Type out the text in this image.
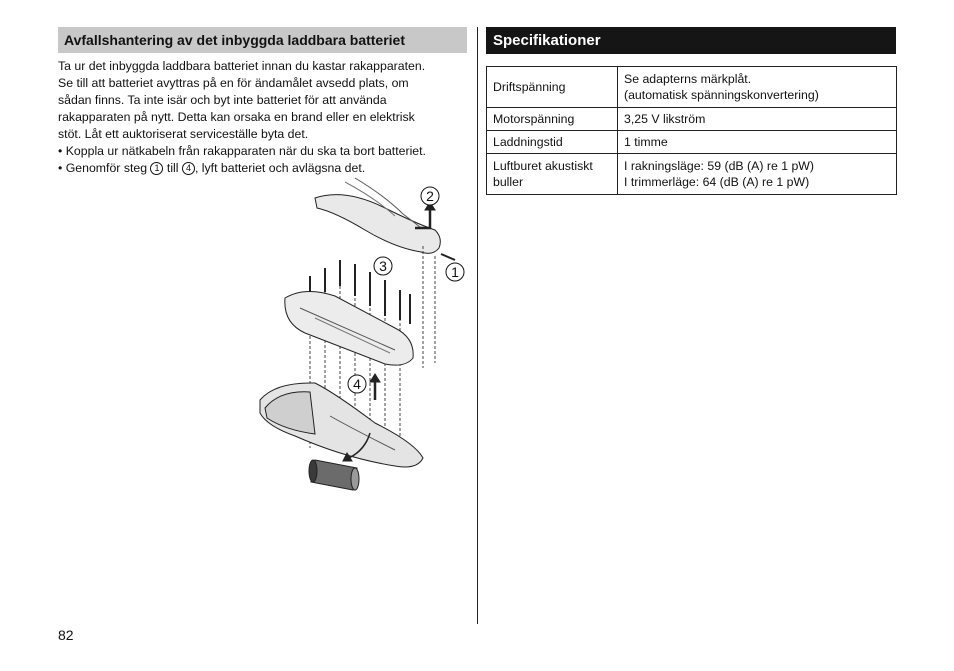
Avfallshantering av det inbyggda laddbara batteriet

Ta ur det inbyggda laddbara batteriet innan du kastar rakapparaten.
Se till att batteriet avyttras på en för ändamålet avsedd plats, om
sådan finns. Ta inte isär och byt inte batteriet för att använda
rakapparaten på nytt. Detta kan orsaka en brand eller en elektrisk
stöt. Låt ett auktoriserat serviceställe byta det.

• Koppla ur nätkabeln från rakapparaten när du ska ta bort batteriet.

• Genomför steg 1 till 4 , lyft batteriet och avlägsna det.

2
1
3
4
Specifikationer
Driftspänning	Se adapterns märkplåt.
(automatisk spänningskonvertering)
Motorspänning	3,25 V likström
Laddningstid	1 timme
Luftburet akustiskt
buller	I rakningsläge: 59 (dB (A) re 1 pW)
I trimmerläge: 64 (dB (A) re 1 pW)
82
